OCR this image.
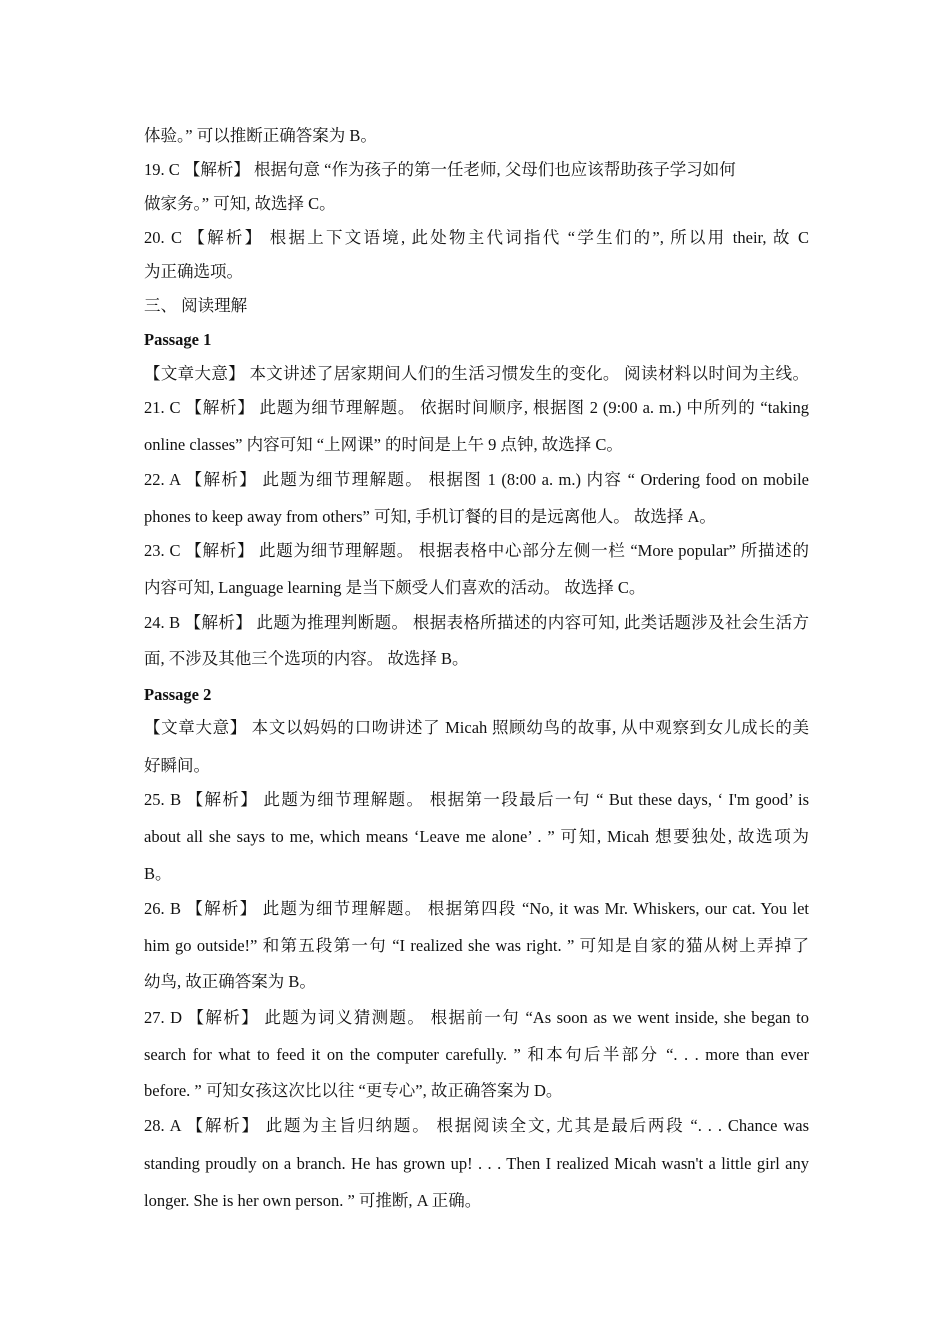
体验。” 可以推断正确答案为 B。
19. C 【解析】 根据句意 “作为孩子的第一任老师, 父母们也应该帮助孩子学习如何
做家务。” 可知, 故选择 C。
20. C 【解析】 根据上下文语境, 此处物主代词指代 “学生们的”, 所以用 their, 故 C
为正确选项。
三、 阅读理解
Passage 1
【文章大意】 本文讲述了居家期间人们的生活习惯发生的变化。 阅读材料以时间为主线。
21. C 【解析】 此题为细节理解题。 依据时间顺序, 根据图 2 (9:00 a. m.) 中所列的 “taking
online classes” 内容可知 “上网课” 的时间是上午 9 点钟, 故选择 C。
22. A 【解析】 此题为细节理解题。 根据图 1 (8:00 a. m.) 内容 “ Ordering food on mobile
phones to keep away from others” 可知, 手机订餐的目的是远离他人。 故选择 A。
23. C 【解析】 此题为细节理解题。 根据表格中心部分左侧一栏 “More popular” 所描述的
内容可知, Language learning 是当下颇受人们喜欢的活动。 故选择 C。
24. B 【解析】 此题为推理判断题。 根据表格所描述的内容可知, 此类话题涉及社会生活方
面, 不涉及其他三个选项的内容。 故选择 B。
Passage 2
【文章大意】 本文以妈妈的口吻讲述了 Micah 照顾幼鸟的故事, 从中观察到女儿成长的美
好瞬间。
25. B 【解析】 此题为细节理解题。 根据第一段最后一句 “ But these days, ‘ I'm good’ is
about all she says to me, which means ‘Leave me alone’ . ” 可知, Micah 想要独处, 故选项为
B。
26. B 【解析】 此题为细节理解题。 根据第四段 “No, it was Mr. Whiskers, our cat. You let
him go outside!” 和第五段第一句 “I realized she was right. ” 可知是自家的猫从树上弄掉了
幼鸟, 故正确答案为 B。
27. D 【解析】 此题为词义猜测题。 根据前一句 “As soon as we went inside, she began to
search for what to feed it on the computer carefully. ” 和本句后半部分 “. . . more than ever
before. ” 可知女孩这次比以往 “更专心”, 故正确答案为 D。
28. A 【解析】 此题为主旨归纳题。 根据阅读全文, 尤其是最后两段 “. . . Chance was
standing proudly on a branch. He has grown up! . . . Then I realized Micah wasn't a little girl any
longer. She is her own person. ” 可推断, A 正确。
